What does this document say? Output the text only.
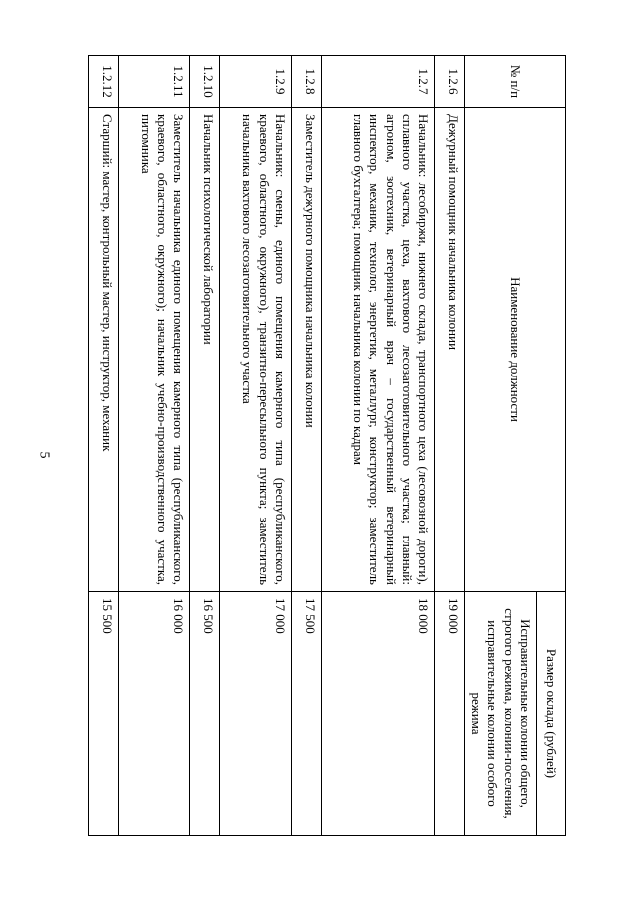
5
№ п/п	Наименование должности	Размер оклада (рублей)
		Исправительные колонии общего, строгого режима, колонии-поселения, исправительные колонии особого режима
1.2.6	Дежурный помощник начальника колонии	19 000
1.2.7	Начальник: лесобиржи, нижнего склада, транспортного цеха (лесовозной дороги), сплавного участка, цеха, вахтового лесозаготовительного участка; главный: агроном, зоотехник, ветеринарный врач – государственный ветеринарный инспектор, механик, технолог, энергетик, металлург, конструктор; заместитель главного бухгалтера; помощник начальника колонии по кадрам	18 000
1.2.8	Заместитель дежурного помощника начальника колонии	17 500
1.2.9	Начальник: смены, единого помещения камерного типа (республиканского, краевого, областного, окружного), транзитно-пересыльного пункта; заместитель начальника вахтового лесозаготовительного участка	17 000
1.2.10	Начальник психологической лаборатории	16 500
1.2.11	Заместитель начальника единого помещения камерного типа (республиканского, краевого, областного, окружного); начальник учебно-производственного участка, питомника	16 000
1.2.12	Старший: мастер, контрольный мастер, инструктор, механик	15 500
